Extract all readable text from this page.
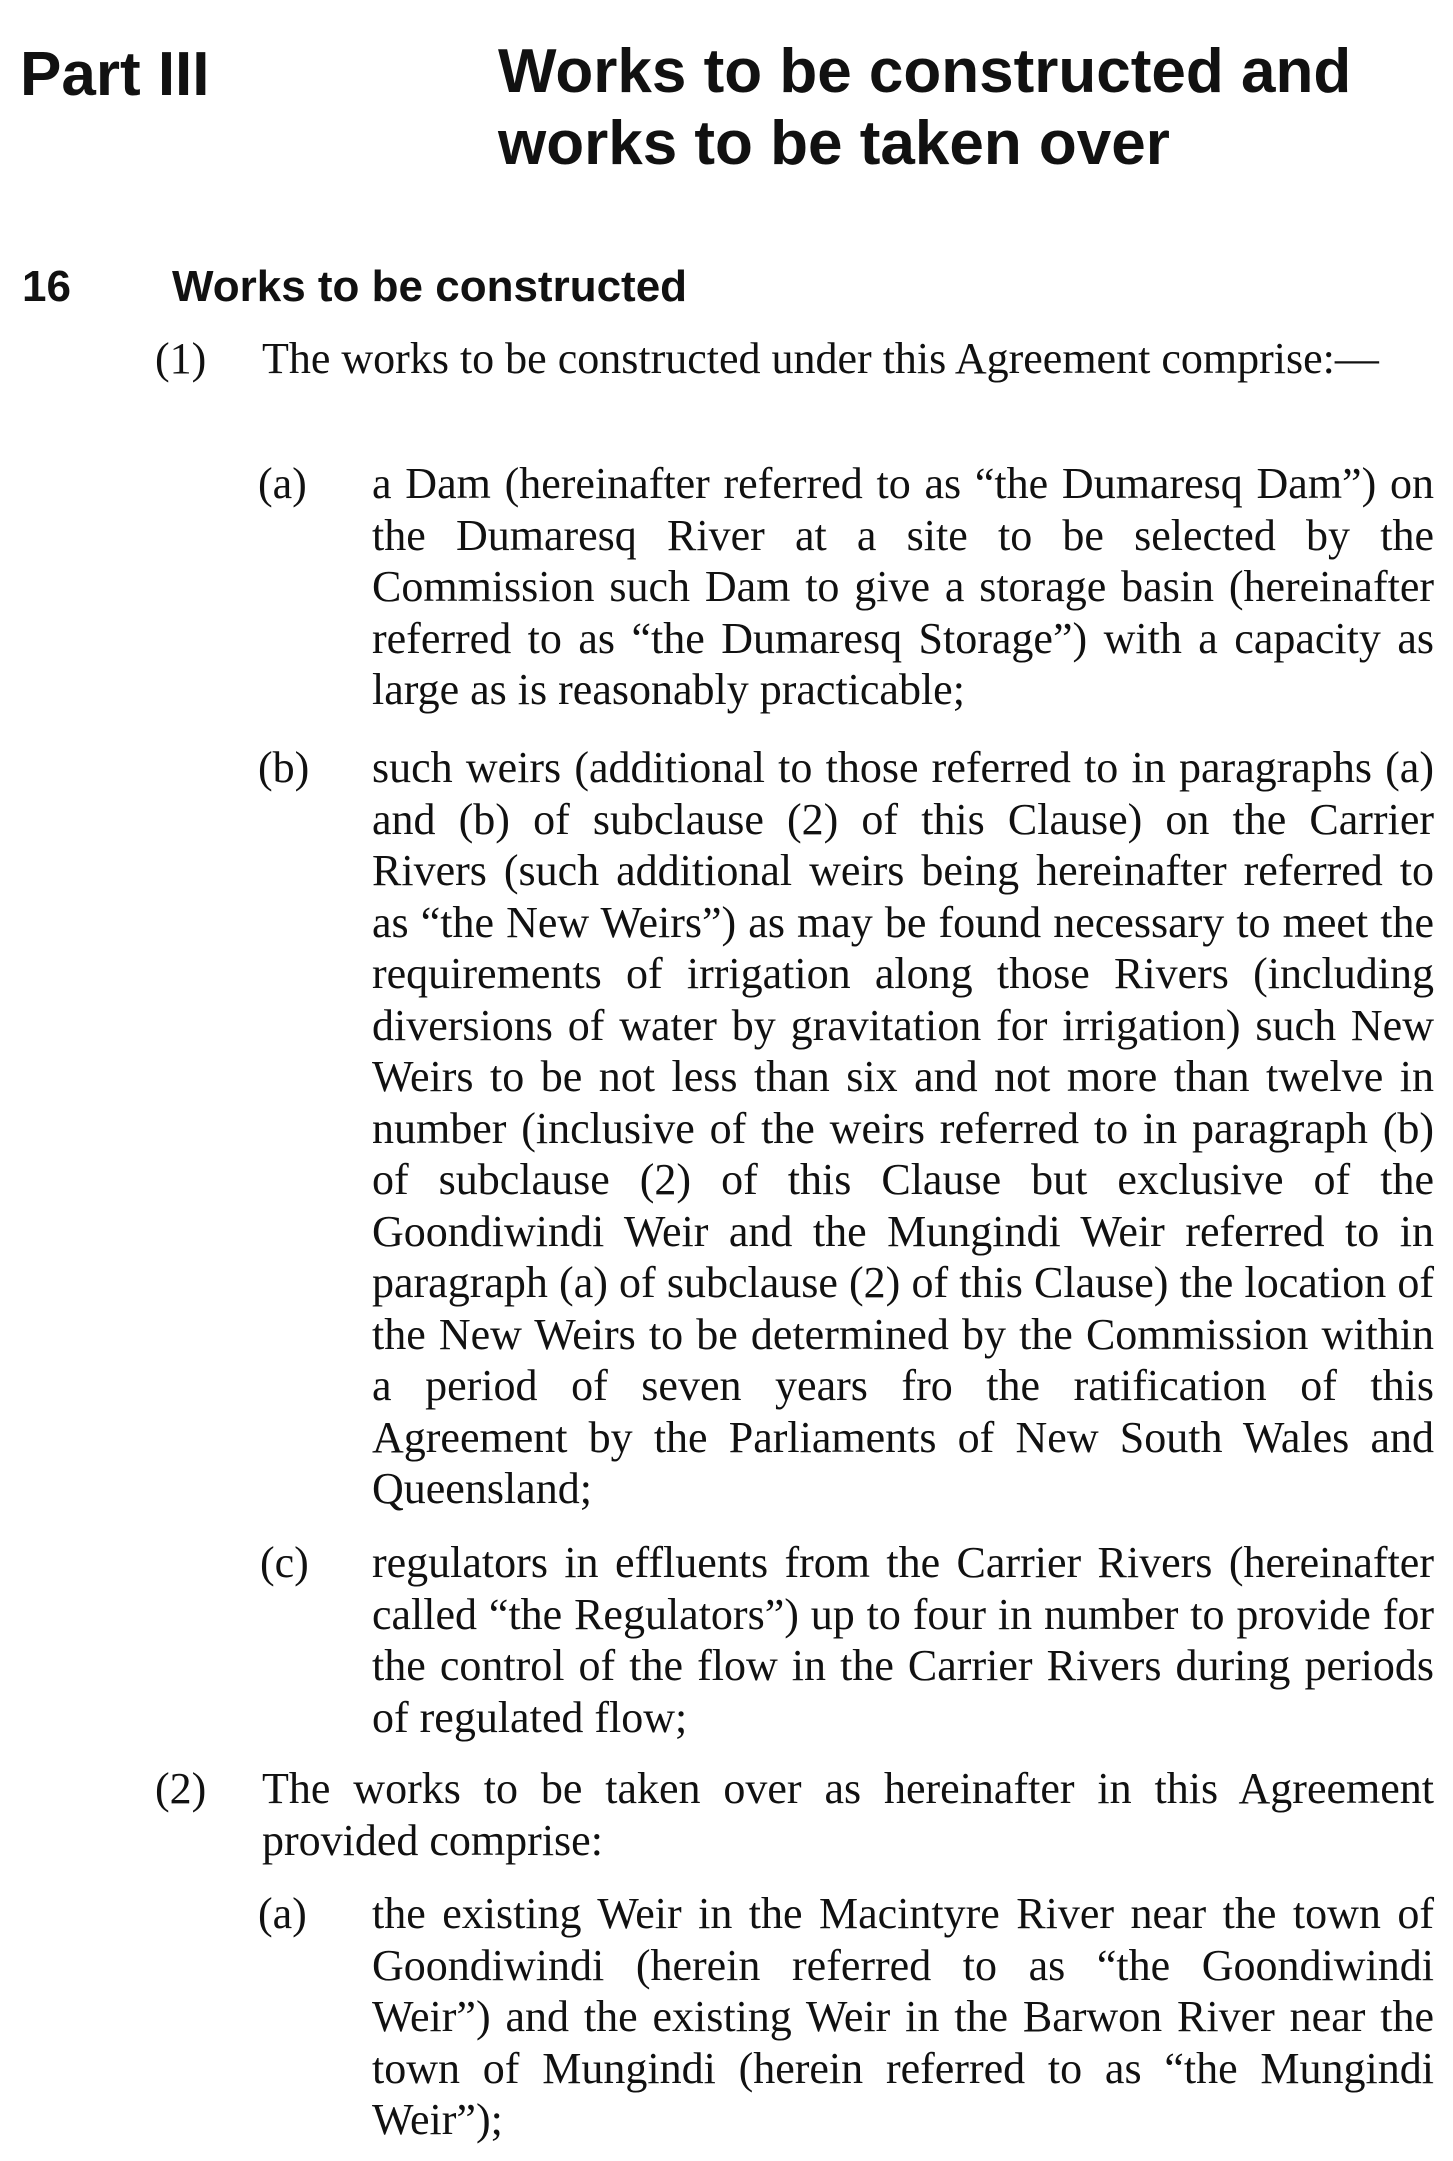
Part III	Works to be constructed and works to be taken over
16 Works to be constructed
(1) The works to be constructed under this Agreement comprise:—

(a) a Dam (hereinafter referred to as “the Dumaresq Dam”) on the Dumaresq River at a site to be selected by the Commission such Dam to give a storage basin (hereinafter referred to as “the Dumaresq Storage”) with a capacity as large as is reasonably practicable;

(b) such weirs (additional to those referred to in paragraphs (a) and (b) of subclause (2) of this Clause) on the Carrier Rivers (such additional weirs being hereinafter referred to as “the New Weirs”) as may be found necessary to meet the requirements of irrigation along those Rivers (including diversions of water by gravitation for irrigation) such New Weirs to be not less than six and not more than twelve in number (inclusive of the weirs referred to in paragraph (b) of subclause (2) of this Clause but exclusive of the Goondiwindi Weir and the Mungindi Weir referred to in paragraph (a) of subclause (2) of this Clause) the location of the New Weirs to be determined by the Commission within a period of seven years fro the ratification of this Agreement by the Parliaments of New South Wales and Queensland;

(c) regulators in effluents from the Carrier Rivers (hereinafter called “the Regulators”) up to four in number to provide for the control of the flow in the Carrier Rivers during periods of regulated flow;

(2) The works to be taken over as hereinafter in this Agreement provided comprise:

(a) the existing Weir in the Macintyre River near the town of Goondiwindi (herein referred to as “the Goondiwindi Weir”) and the existing Weir in the Barwon River near the town of Mungindi (herein referred to as “the Mungindi Weir”);
